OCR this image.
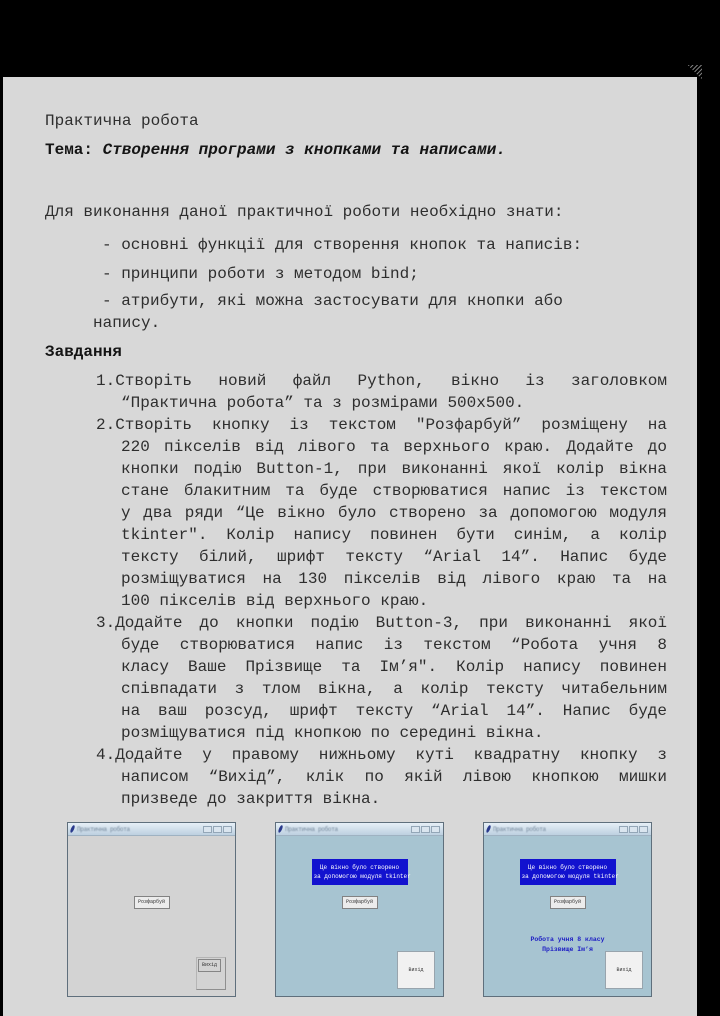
Практична робота

Тема: Створення програми з кнопками та написами.

Для виконання даної практичної роботи необхідно знати:

- основні функції для створення кнопок та написів:

- принципи роботи з методом bind;

- атрибути, які можна застосувати для кнопки або

напису.

Завдання

1.Створіть новий файл Python, вікно із заголовком

“Практична робота” та з розмірами 500x500.

2.Створіть кнопку із текстом "Розфарбуй” розміщену на

220 пікселів від лівого та верхнього краю. Додайте до

кнопки подію Button-1, при виконанні якої колір вікна

стане блакитним та буде створюватися напис із текстом

у два ряди “Це вікно було створено за допомогою модуля

tkinter". Колір напису повинен бути синім, а колір

тексту білий, шрифт тексту “Arial 14”. Напис буде

розміщуватися на 130 пікселів від лівого краю та на

100 пікселів від верхнього краю.

3.Додайте до кнопки подію Button-3, при виконанні якої

буде створюватися напис із текстом “Робота учня 8

класу Ваше Прізвище та Ім’я". Колір напису повинен

співпадати з тлом вікна, а колір тексту читабельним

на ваш розсуд, шрифт тексту “Arial 14”. Напис буде

розміщуватися під кнопкою по середині вікна.

4.Додайте у правому нижньому куті квадратну кнопку з

написом “Вихід”, клік по якій лівою кнопкою мишки

призведе до закриття вікна.

Практична робота
Розфарбуй
Вихід
Практична робота
Це вікно було створено
за допомогою модуля tkinter
Розфарбуй
Вихід
Практична робота
Це вікно було створено
за допомогою модуля tkinter
Розфарбуй
Робота учня 8 класу
Прізвище Ім’я
Вихід
